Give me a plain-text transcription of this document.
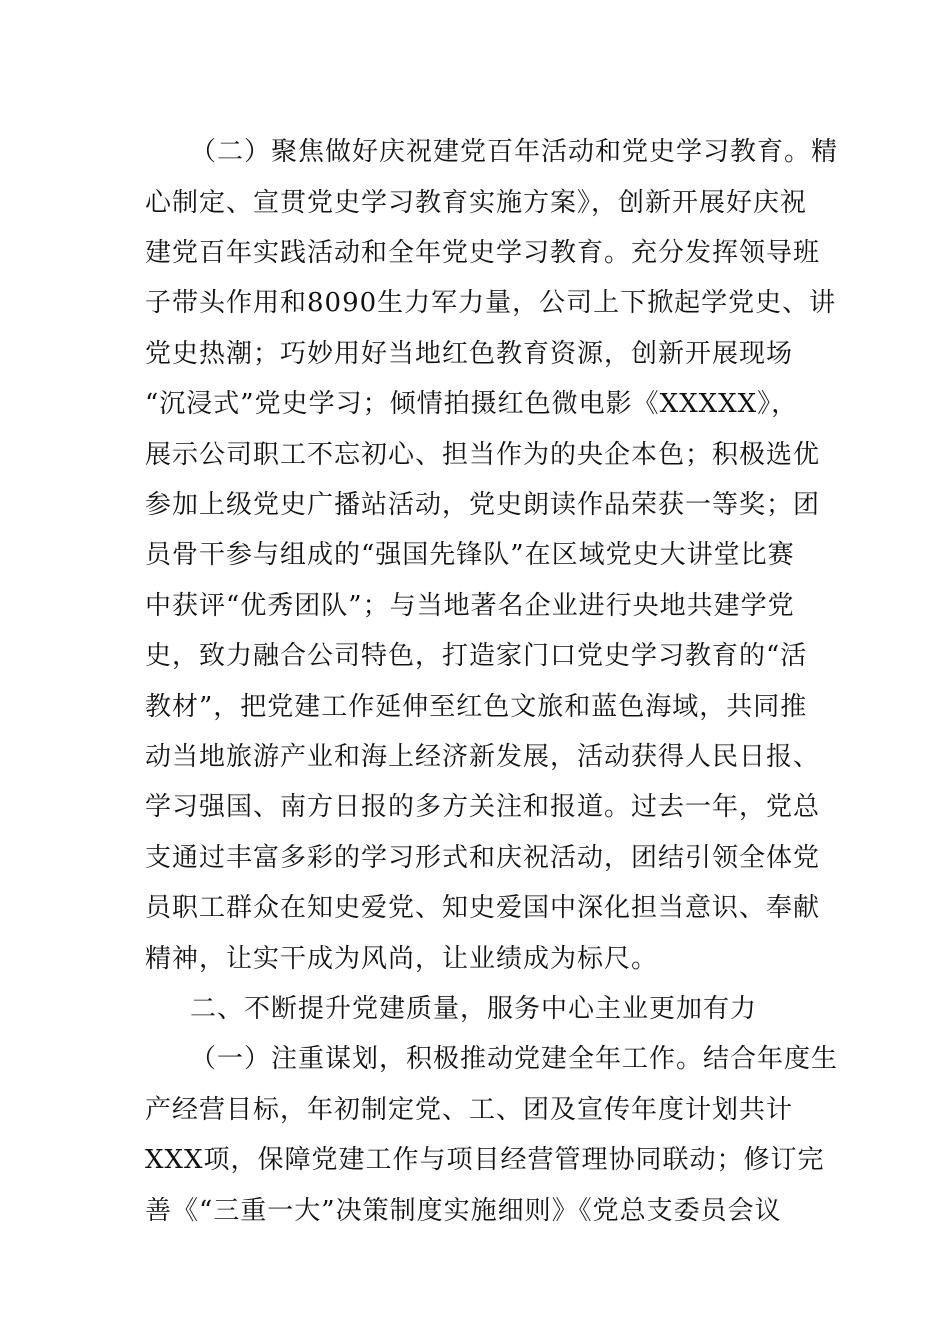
（二）聚焦做好庆祝建党百年活动和党史学习教育。精
心制定、宣贯党史学习教育实施方案》，创新开展好庆祝
建党百年实践活动和全年党史学习教育。充分发挥领导班
子带头作用和8090生力军力量，公司上下掀起学党史、讲
党史热潮；巧妙用好当地红色教育资源，创新开展现场
“沉浸式”党史学习；倾情拍摄红色微电影《XXXXX》，
展示公司职工不忘初心、担当作为的央企本色；积极选优
参加上级党史广播站活动，党史朗读作品荣获一等奖；团
员骨干参与组成的“强国先锋队”在区域党史大讲堂比赛
中获评“优秀团队”；与当地著名企业进行央地共建学党
史，致力融合公司特色，打造家门口党史学习教育的“活
教材”，把党建工作延伸至红色文旅和蓝色海域，共同推
动当地旅游产业和海上经济新发展，活动获得人民日报、
学习强国、南方日报的多方关注和报道。过去一年，党总
支通过丰富多彩的学习形式和庆祝活动，团结引领全体党
员职工群众在知史爱党、知史爱国中深化担当意识、奉献
精神，让实干成为风尚，让业绩成为标尺。
二、不断提升党建质量，服务中心主业更加有力
（一）注重谋划，积极推动党建全年工作。结合年度生
产经营目标，年初制定党、工、团及宣传年度计划共计
XXX项，保障党建工作与项目经营管理协同联动；修订完
善《“三重一大”决策制度实施细则》《党总支委员会议
